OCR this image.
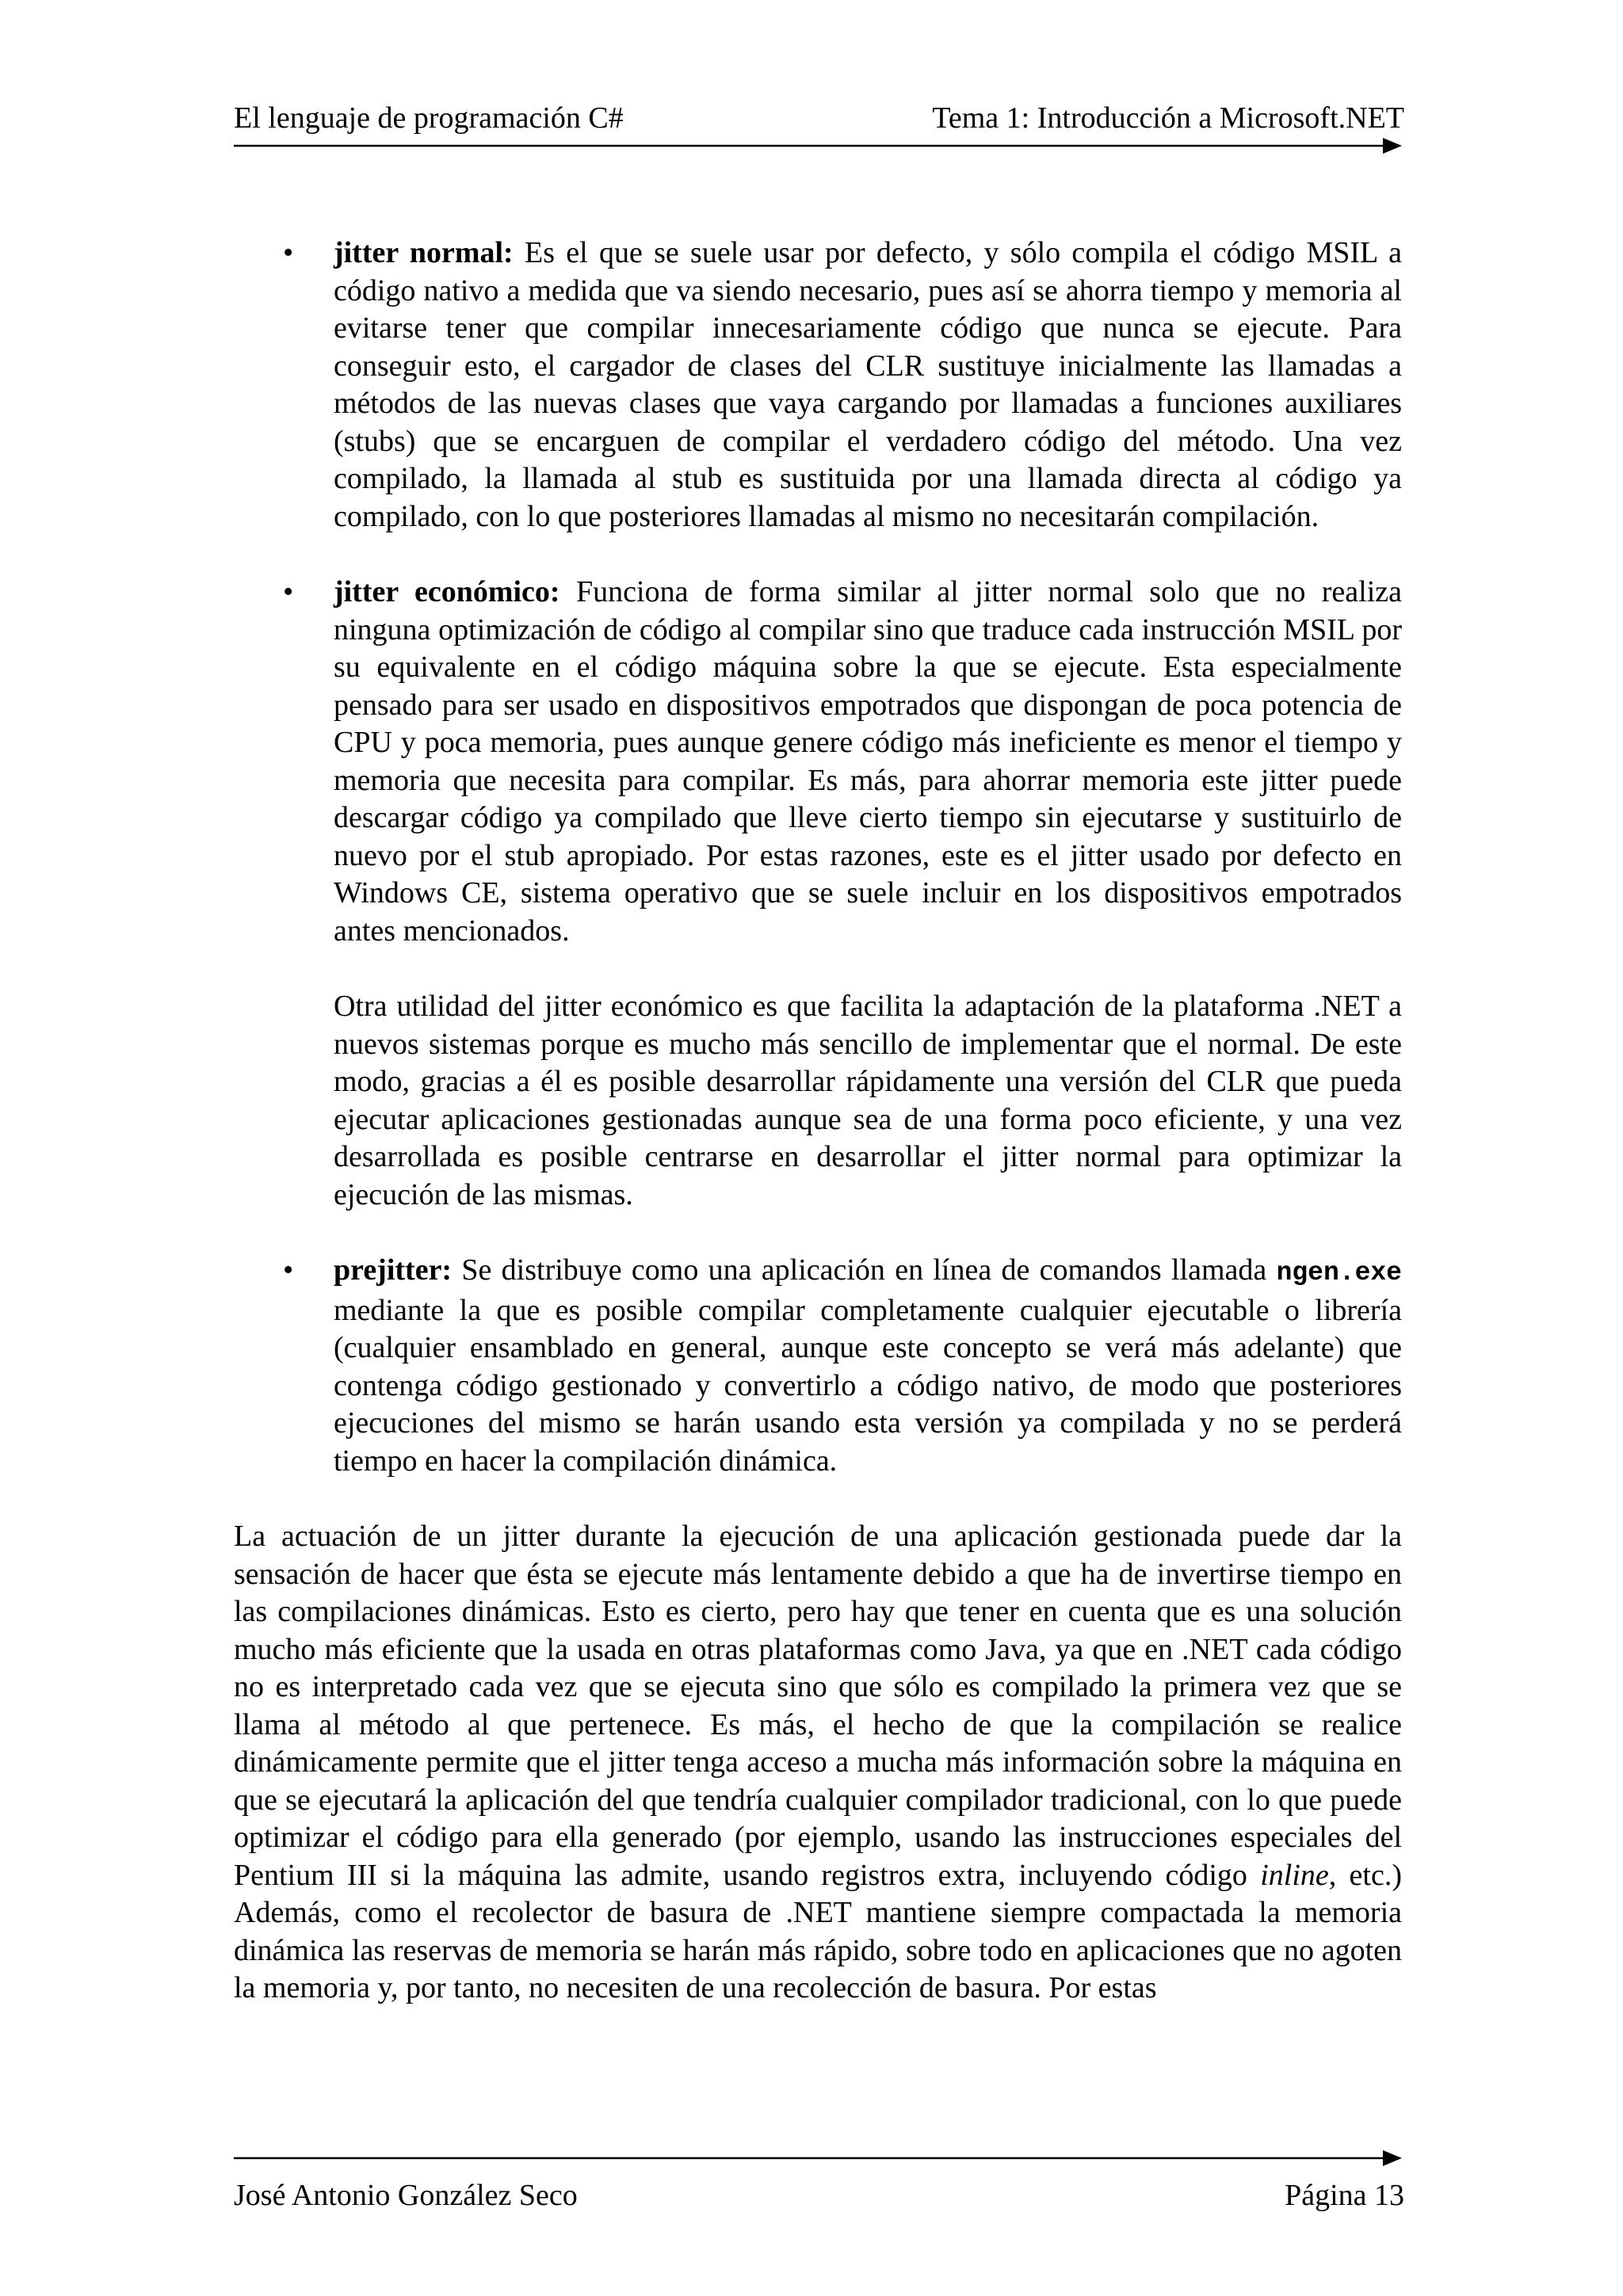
El lenguaje de programación C#	Tema 1: Introducción a Microsoft.NET
• jitter normal: Es el que se suele usar por defecto, y sólo compila el código MSIL a código nativo a medida que va siendo necesario, pues así se ahorra tiempo y memoria al evitarse tener que compilar innecesariamente código que nunca se ejecute. Para conseguir esto, el cargador de clases del CLR sustituye inicialmente las llamadas a métodos de las nuevas clases que vaya cargando por llamadas a funciones auxiliares (stubs) que se encarguen de compilar el verdadero código del método. Una vez compilado, la llamada al stub es sustituida por una llamada directa al código ya compilado, con lo que posteriores llamadas al mismo no necesitarán compilación.

• jitter económico: Funciona de forma similar al jitter normal solo que no realiza ninguna optimización de código al compilar sino que traduce cada instrucción MSIL por su equivalente en el código máquina sobre la que se ejecute. Esta especialmente pensado para ser usado en dispositivos empotrados que dispongan de poca potencia de CPU y poca memoria, pues aunque genere código más ineficiente es menor el tiempo y memoria que necesita para compilar. Es más, para ahorrar memoria este jitter puede descargar código ya compilado que lleve cierto tiempo sin ejecutarse y sustituirlo de nuevo por el stub apropiado. Por estas razones, este es el jitter usado por defecto en Windows CE, sistema operativo que se suele incluir en los dispositivos empotrados antes mencionados.

Otra utilidad del jitter económico es que facilita la adaptación de la plataforma .NET a nuevos sistemas porque es mucho más sencillo de implementar que el normal. De este modo, gracias a él es posible desarrollar rápidamente una versión del CLR que pueda ejecutar aplicaciones gestionadas aunque sea de una forma poco eficiente, y una vez desarrollada es posible centrarse en desarrollar el jitter normal para optimizar la ejecución de las mismas.

• prejitter: Se distribuye como una aplicación en línea de comandos llamada ngen.exe mediante la que es posible compilar completamente cualquier ejecutable o librería (cualquier ensamblado en general, aunque este concepto se verá más adelante) que contenga código gestionado y convertirlo a código nativo, de modo que posteriores ejecuciones del mismo se harán usando esta versión ya compilada y no se perderá tiempo en hacer la compilación dinámica.

La actuación de un jitter durante la ejecución de una aplicación gestionada puede dar la sensación de hacer que ésta se ejecute más lentamente debido a que ha de invertirse tiempo en las compilaciones dinámicas. Esto es cierto, pero hay que tener en cuenta que es una solución mucho más eficiente que la usada en otras plataformas como Java, ya que en .NET cada código no es interpretado cada vez que se ejecuta sino que sólo es compilado la primera vez que se llama al método al que pertenece. Es más, el hecho de que la compilación se realice dinámicamente permite que el jitter tenga acceso a mucha más información sobre la máquina en que se ejecutará la aplicación del que tendría cualquier compilador tradicional, con lo que puede optimizar el código para ella generado (por ejemplo, usando las instrucciones especiales del Pentium III si la máquina las admite, usando registros extra, incluyendo código inline, etc.) Además, como el recolector de basura de .NET mantiene siempre compactada la memoria dinámica las reservas de memoria se harán más rápido, sobre todo en aplicaciones que no agoten la memoria y, por tanto, no necesiten de una recolección de basura. Por estas

José Antonio González Seco	Página 13
